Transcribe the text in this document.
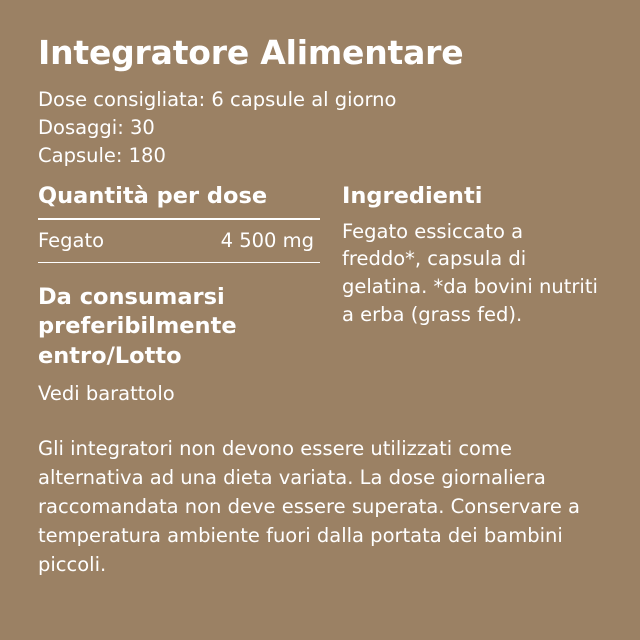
Integratore Alimentare
Dose consigliata: 6 capsule al giorno
Dosaggi: 30
Capsule: 180
Quantità per dose
Fegato	4 500 mg
Da consumarsi preferibilmente entro/Lotto
Vedi barattolo
Ingredienti

Fegato essiccato a freddo*, capsula di gelatina. *da bovini nutriti a erba (grass fed).

Gli integratori non devono essere utilizzati come alternativa ad una dieta variata. La dose giornaliera raccomandata non deve essere superata. Conservare a temperatura ambiente fuori dalla portata dei bambini piccoli.
